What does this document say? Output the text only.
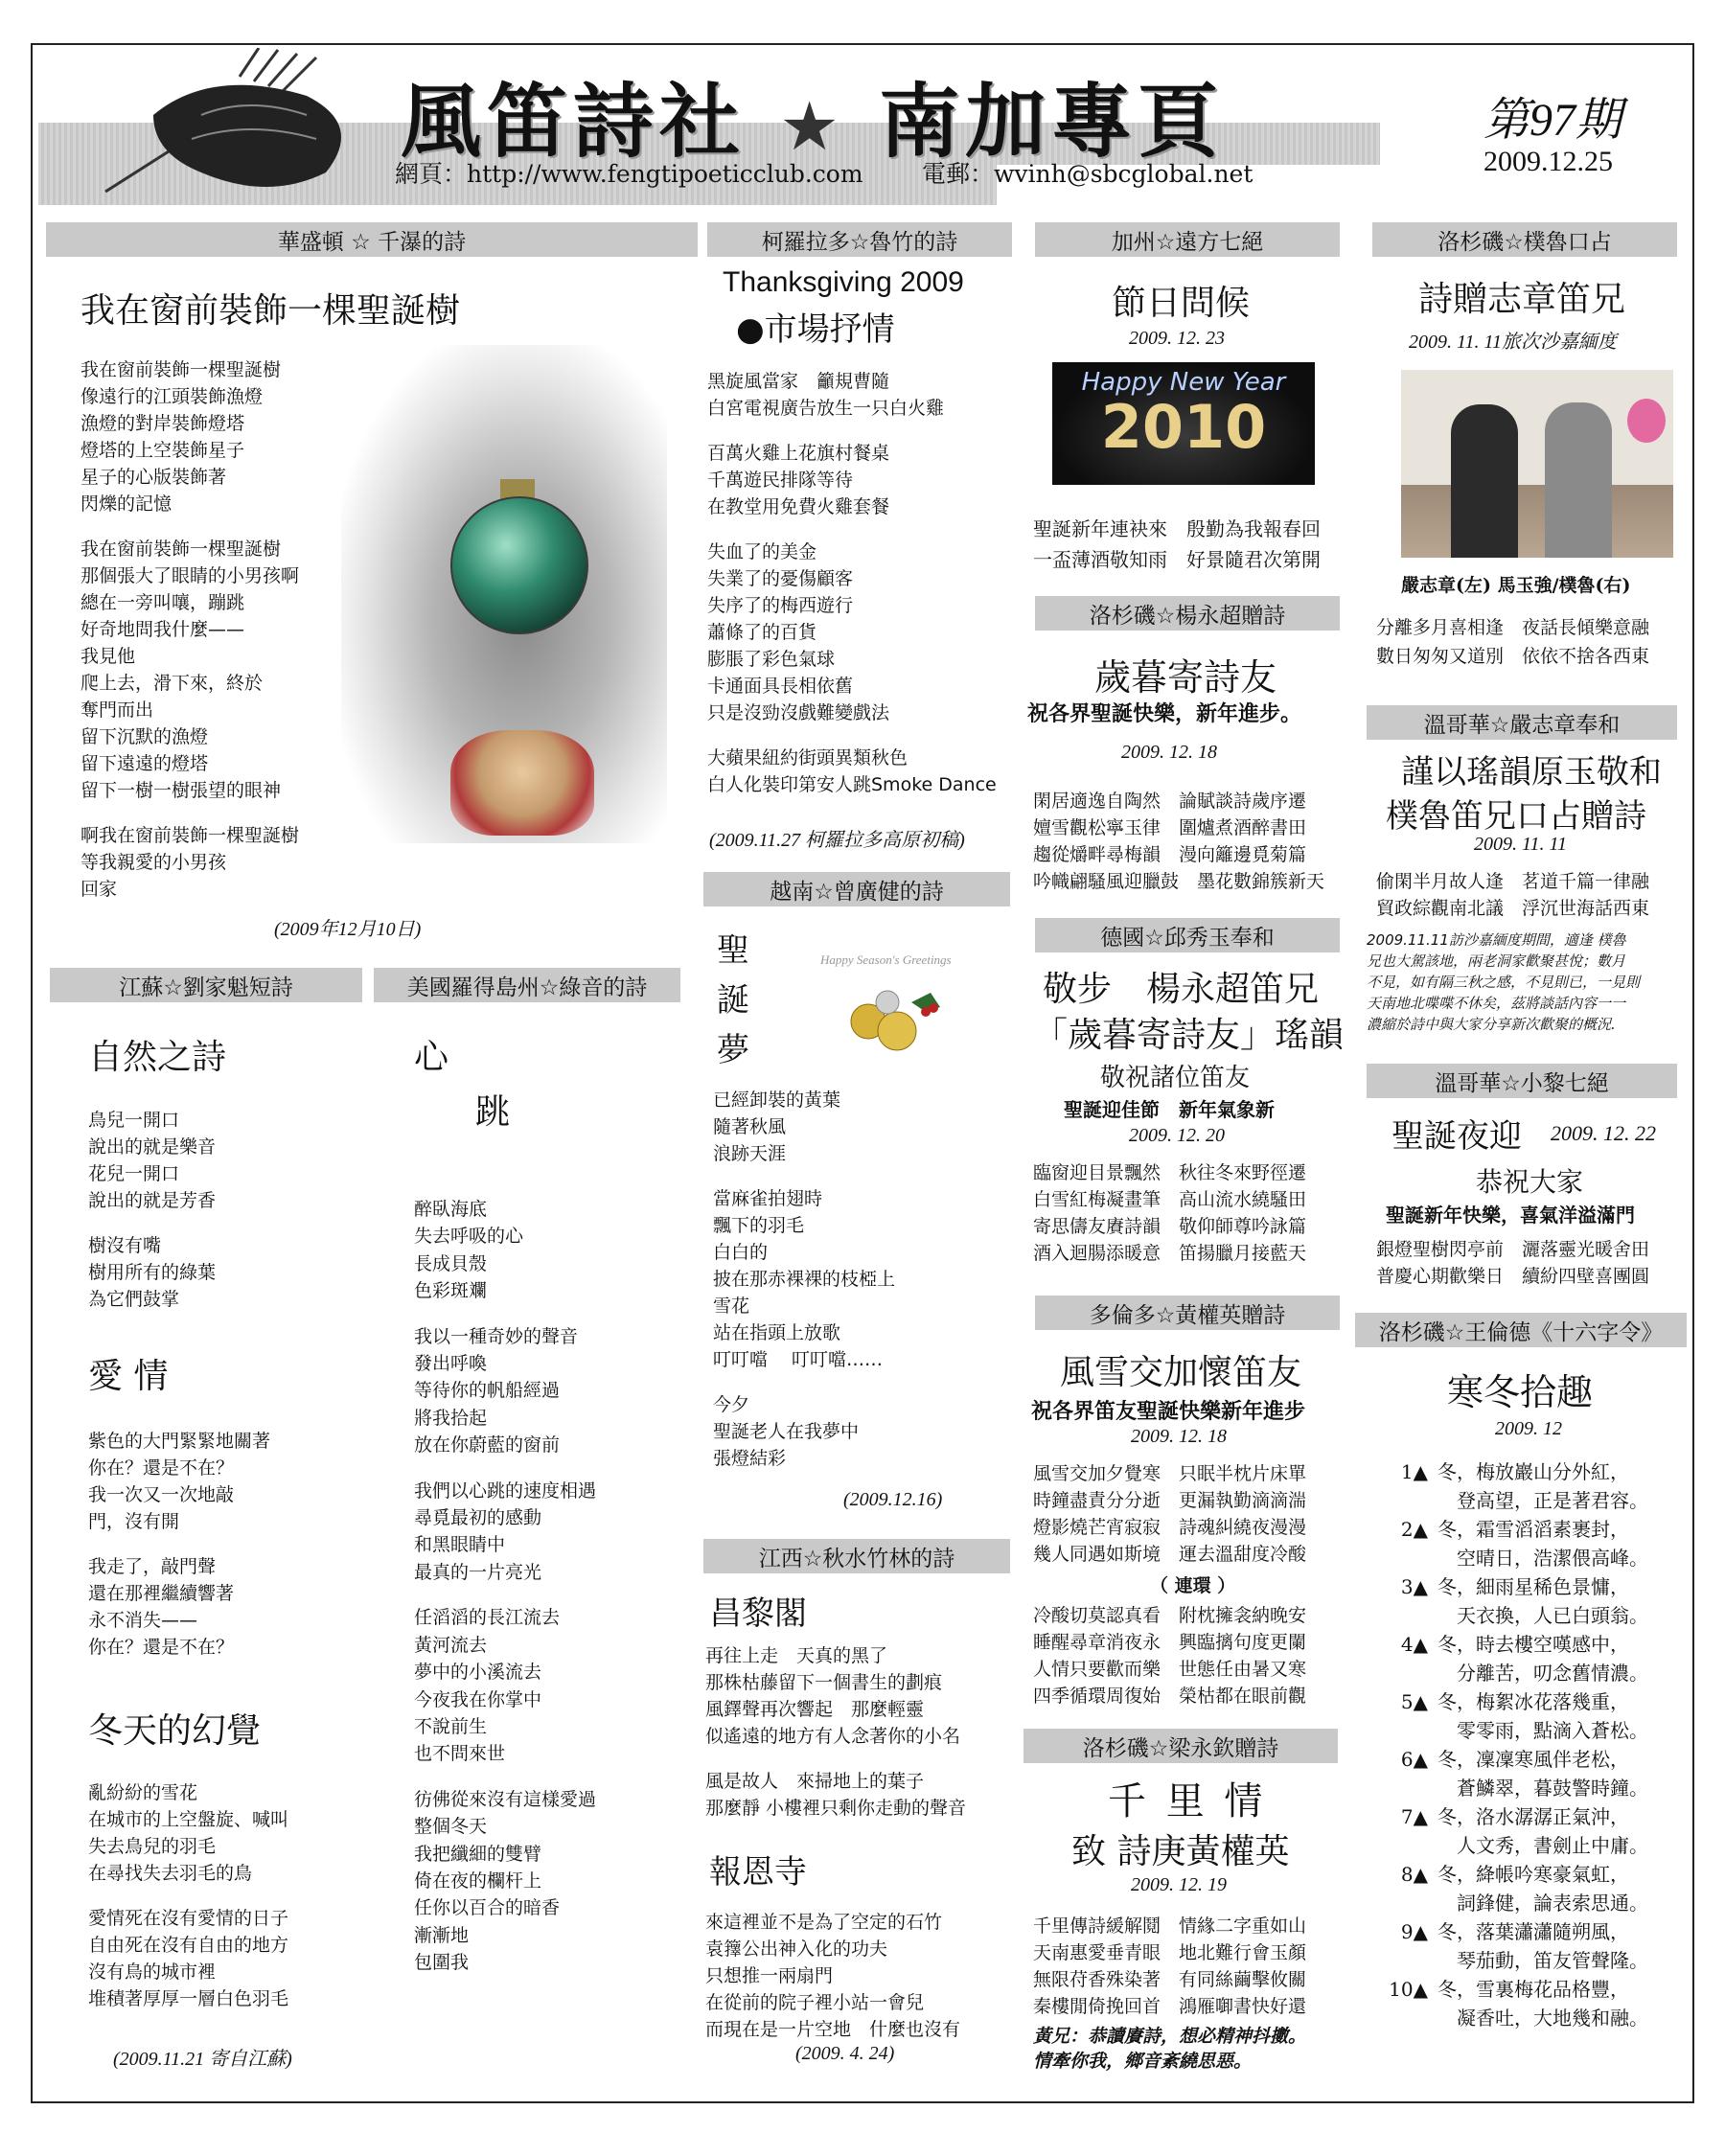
風笛詩社 ★ 南加專頁	第97期
2009.12.25
網頁：http://www.fengtipoeticclub.com 電郵：wvinh@sbcglobal.net
華盛頓 ☆ 千瀑的詩
我在窗前裝飾一棵聖誕樹
我在窗前裝飾一棵聖誕樹
像遠行的江頭裝飾漁燈
漁燈的對岸裝飾燈塔
燈塔的上空裝飾星子
星子的心版裝飾著
閃爍的記憶
我在窗前裝飾一棵聖誕樹
那個張大了眼睛的小男孩啊
總在一旁叫嚷，蹦跳
好奇地問我什麼——
我見他
爬上去，滑下來，終於
奪門而出
留下沉默的漁燈
留下遠遠的燈塔
留下一樹一樹張望的眼神
啊我在窗前裝飾一棵聖誕樹
等我親愛的小男孩
回家
(2009年12月10日)
江蘇☆劉家魁短詩	美國羅得島州☆綠音的詩
自然之詩
鳥兒一開口
說出的就是樂音
花兒一開口
說出的就是芳香
樹沒有嘴
樹用所有的綠葉
為它們鼓掌
愛 情
紫色的大門緊緊地關著
你在？還是不在？
我一次又一次地敲
門，沒有開
我走了，敲門聲
還在那裡繼續響著
永不消失——
你在？還是不在？
冬天的幻覺
亂紛紛的雪花
在城市的上空盤旋、喊叫
失去鳥兒的羽毛
在尋找失去羽毛的鳥
愛情死在沒有愛情的日子
自由死在沒有自由的地方
沒有鳥的城市裡
堆積著厚厚一層白色羽毛
(2009.11.21 寄自江蘇)
心
跳
醉臥海底
失去呼吸的心
長成貝殼
色彩斑斕
我以一種奇妙的聲音
發出呼喚
等待你的帆船經過
將我拾起
放在你蔚藍的窗前
我們以心跳的速度相遇
尋覓最初的感動
和黑眼睛中
最真的一片亮光
任滔滔的長江流去
黃河流去
夢中的小溪流去
今夜我在你掌中
不說前生
也不問來世
彷佛從來沒有這樣愛過
整個冬天
我把纖細的雙臂
倚在夜的欄杆上
任你以百合的暗香
漸漸地
包圍我
柯羅拉多☆魯竹的詩
Thanksgiving 2009
●市場抒情
黑旋風當家　籲規曹隨
白宮電視廣告放生一只白火雞
百萬火雞上花旗村餐桌
千萬遊民排隊等待
在教堂用免費火雞套餐
失血了的美金
失業了的憂傷顧客
失序了的梅西遊行
蕭條了的百貨
膨脹了彩色氣球
卡通面具長相依舊
只是沒勁沒戲難變戲法
大蘋果紐約街頭異類秋色
白人化裝印第安人跳Smoke Dance
(2009.11.27 柯羅拉多高原初稿)
越南☆曾廣健的詩
聖
誕
夢
Happy Season's Greetings
已經卸裝的黃葉
隨著秋風
浪跡天涯
當麻雀拍翅時
飄下的羽毛
白白的
披在那赤裸裸的枝椏上
雪花
站在指頭上放歌
叮叮噹　 叮叮噹……
今夕
聖誕老人在我夢中
張燈結彩
(2009.12.16)
江西☆秋水竹林的詩
昌黎閣
再往上走　天真的黑了
那株枯藤留下一個書生的劃痕
風鐸聲再次響起　那麼輕靈
似遙遠的地方有人念著你的小名
風是故人　來掃地上的葉子
那麼靜 小樓裡只剩你走動的聲音
報恩寺
來這裡並不是為了空定的石竹
袁籜公出神入化的功夫
只想推一兩扇門
在從前的院子裡小站一會兒
而現在是一片空地　什麼也沒有
(2009. 4. 24)
加州☆遠方七絕
節日問候
2009. 12. 23
Happy New Year
2010
聖誕新年連袂來　殷勤為我報春回
一盃薄酒敬知雨　好景隨君次第開
洛杉磯☆楊永超贈詩
歲暮寄詩友
祝各界聖誕快樂，新年進步。
2009. 12. 18
閑居適逸自陶然　論賦談詩歲序遷
嬗雪觀松寧玉律　圍爐煮酒醉書田
趨從爝畔尋梅韻　漫向籬邊覓菊篇
吟幟翩騷風迎臘鼓　墨花數錦簇新天
德國☆邱秀玉奉和
敬步　楊永超笛兄
「歲暮寄詩友」瑤韻
敬祝諸位笛友
聖誕迎佳節　新年氣象新
2009. 12. 20
臨窗迎目景飄然　秋往冬來野徑遷
白雪紅梅凝畫筆　高山流水繞騷田
寄思儔友賡詩韻　敬仰師尊吟詠篇
酒入迴腸添暖意　笛揚臘月接藍天
多倫多☆黃權英贈詩
風雪交加懷笛友
祝各界笛友聖誕快樂新年進步
2009. 12. 18
風雪交加夕覺寒　只眠半枕片床單
時鐘盡責分分逝　更漏執勤滴滴湍
燈影燒芒宵寂寂　詩魂糾繞夜漫漫
幾人同遇如斯境　運去溫甜度冷酸
（ 連環 ）
冷酸切莫認真看　附枕擁衾納晚安
睡醒尋章消夜永　興臨摛句度更闌
人情只要歡而樂　世態任由暑又寒
四季循環周復始　榮枯都在眼前觀
洛杉磯☆梁永欽贈詩
千 里 情
致 詩庚黃權英
2009. 12. 19
千里傳詩緩解鬩　情緣二字重如山
天南惠愛垂青眼　地北難行會玉顏
無限苻香殊染著　有同絲繭擊攸關
秦樓閒倚挽回首　鴻雁啣書快好還
黃兄：恭讀賡詩，想必精神抖擻。
情牽你我，鄉音紊繞思惡。
洛杉磯☆樸魯口占
詩贈志章笛兄
2009. 11. 11旅次沙嘉緬度
嚴志章(左) 馬玉強/樸魯(右)
分離多月喜相逢　夜話長傾樂意融
數日匆匆又道別　依依不捨各西東
溫哥華☆嚴志章奉和
謹以瑤韻原玉敬和
樸魯笛兄口占贈詩
2009. 11. 11
偷閑半月故人逢　茗道千篇一律融
貿政綜觀南北議　浮沉世海話西東
2009.11.11訪沙嘉緬度期間，適逢 樸魯
兄也大駕該地，兩老洞家歡聚甚悅；數月
不見，如有隔三秋之感，不見則已，一見則
天南地北喋喋不休矣，茲將談話內容一一
濃縮於詩中與大家分享新次歡聚的概況.
溫哥華☆小黎七絕
聖誕夜迎 2009. 12. 22
恭祝大家
聖誕新年快樂，喜氣洋溢滿門
銀燈聖樹閃亭前　灑落靈光暖舍田
普慶心期歡樂日　續紛四壁喜團圓
洛杉磯☆王倫德《十六字令》
寒冬拾趣
2009. 12
1▲ 冬，梅放巖山分外紅，
登高望，正是著君容。
2▲ 冬，霜雪滔滔素裹封，
空晴日，浩潔偎高峰。
3▲ 冬，細雨星稀色景慵，
天衣換，人已白頭翁。
4▲ 冬，時去樓空嘆感中，
分離苦，叨念舊情濃。
5▲ 冬，梅絮冰花落幾重，
零零雨，點滴入蒼松。
6▲ 冬，凜凜寒風伴老松，
蒼鱗翠，暮鼓警時鐘。
7▲ 冬，洛水潺潺正氣沖，
人文秀，書劍止中庸。
8▲ 冬，絳帳吟寒豪氣虹，
詞鋒健，論表索思通。
9▲ 冬，落葉瀟瀟隨朔風，
琴茄動，笛友管聲隆。
10▲ 冬，雪裏梅花品格豐，
凝香吐，大地幾和融。
